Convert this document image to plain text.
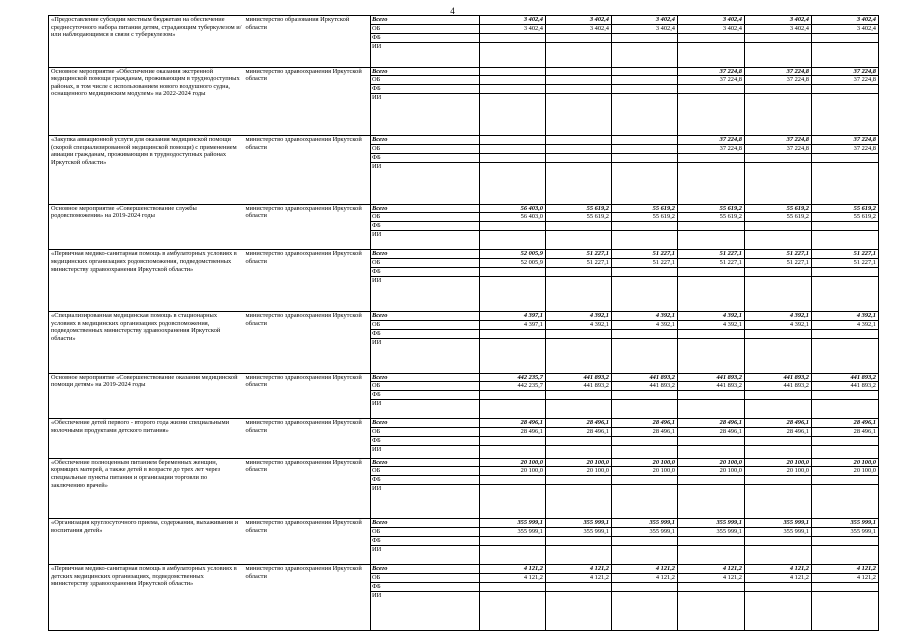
4
«Предоставление субсидии местным бюджетам на обеспечение среднесуточного набора питания детям, страдающим туберкулезом и/или наблюдающимся в связи с туберкулезом»	министерство образования Иркутской области	Всего	3 402,4	3 402,4	3 402,4	3 402,4	3 402,4	3 402,4
		ОБ	3 402,4	3 402,4	3 402,4	3 402,4	3 402,4	3 402,4
		ФБ						
		ИИ						
Основное мероприятие «Обеспечение оказания экстренной медицинской помощи гражданам, проживающим в труднодоступных районах, в том числе с использованием нового воздушного судна, оснащенного медицинским модулем» на 2022-2024 годы	министерство здравоохранения Иркутской области	Всего				37 224,8	37 224,8	37 224,8
		ОБ				37 224,8	37 224,8	37 224,8
		ФБ						
		ИИ						
«Закупка авиационной услуги для оказания медицинской помощи (скорой специализированной медицинской помощи) с применением авиации гражданам, проживающим в труднодоступных районах Иркутской области»	министерство здравоохранения Иркутской области	Всего				37 224,8	37 224,8	37 224,8
		ОБ				37 224,8	37 224,8	37 224,8
		ФБ						
		ИИ						
Основное мероприятие «Совершенствование службы родовспоможения» на 2019-2024 годы	министерство здравоохранения Иркутской области	Всего	56 403,0	55 619,2	55 619,2	55 619,2	55 619,2	55 619,2
		ОБ	56 403,0	55 619,2	55 619,2	55 619,2	55 619,2	55 619,2
		ФБ						
		ИИ						
«Первичная медико-санитарная помощь в амбулаторных условиях в медицинских организациях родовспоможения, подведомственных министерству здравоохранения Иркутской области»	министерство здравоохранения Иркутской области	Всего	52 005,9	51 227,1	51 227,1	51 227,1	51 227,1	51 227,1
		ОБ	52 005,9	51 227,1	51 227,1	51 227,1	51 227,1	51 227,1
		ФБ						
		ИИ						
«Специализированная медицинская помощь в стационарных условиях в медицинских организациях родовспоможения, подведомственных министерству здравоохранения Иркутской области»	министерство здравоохранения Иркутской области	Всего	4 397,1	4 392,1	4 392,1	4 392,1	4 392,1	4 392,1
		ОБ	4 397,1	4 392,1	4 392,1	4 392,1	4 392,1	4 392,1
		ФБ						
		ИИ						
Основное мероприятие «Совершенствование оказания медицинской помощи детям» на 2019-2024 годы	министерство здравоохранения Иркутской области	Всего	442 235,7	441 893,2	441 893,2	441 893,2	441 893,2	441 893,2
		ОБ	442 235,7	441 893,2	441 893,2	441 893,2	441 893,2	441 893,2
		ФБ						
		ИИ						
«Обеспечение детей первого - второго года жизни специальными молочными продуктами детского питания»	министерство здравоохранения Иркутской области	Всего	28 496,1	28 496,1	28 496,1	28 496,1	28 496,1	28 496,1
		ОБ	28 496,1	28 496,1	28 496,1	28 496,1	28 496,1	28 496,1
		ФБ						
		ИИ						
«Обеспечение полноценным питанием беременных женщин, кормящих матерей, а также детей в возрасте до трех лет через специальные пункты питания и организации торговли по заключению врачей»	министерство здравоохранения Иркутской области	Всего	20 100,0	20 100,0	20 100,0	20 100,0	20 100,0	20 100,0
		ОБ	20 100,0	20 100,0	20 100,0	20 100,0	20 100,0	20 100,0
		ФБ						
		ИИ						
«Организация круглосуточного приема, содержания, выхаживания и воспитания детей»	министерство здравоохранения Иркутской области	Всего	355 999,1	355 999,1	355 999,1	355 999,1	355 999,1	355 999,1
		ОБ	355 999,1	355 999,1	355 999,1	355 999,1	355 999,1	355 999,1
		ФБ						
		ИИ						
«Первичная медико-санитарная помощь в амбулаторных условиях в детских медицинских организациях, подведомственных министерству здравоохранения Иркутской области»	министерство здравоохранения Иркутской области	Всего	4 121,2	4 121,2	4 121,2	4 121,2	4 121,2	4 121,2
		ОБ	4 121,2	4 121,2	4 121,2	4 121,2	4 121,2	4 121,2
		ФБ						
		ИИ						
